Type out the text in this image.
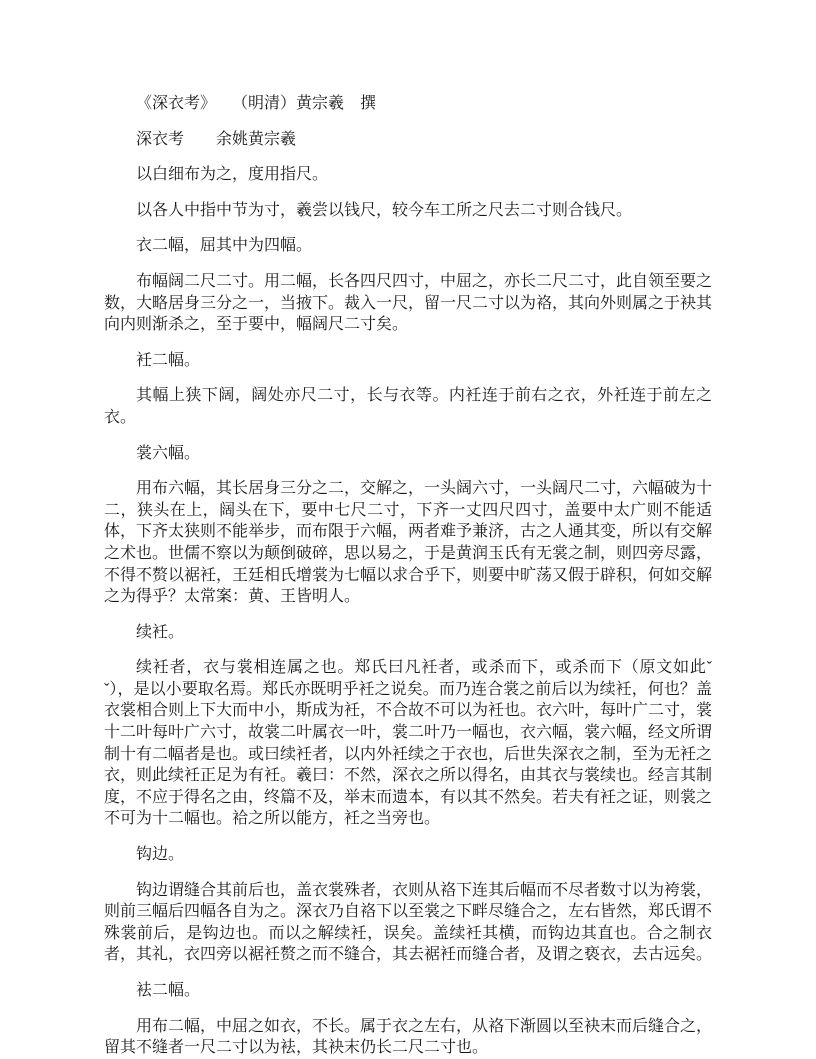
《深衣考》　　（明清）黄宗羲　撰

深衣考　　余姚黄宗羲

以白细布为之，度用指尺。

以各人中指中节为寸，羲尝以钱尺，较今车工所之尺去二寸则合钱尺。

衣二幅，屈其中为四幅。

布幅阔二尺二寸。用二幅，长各四尺四寸，中屈之，亦长二尺二寸，此自领至要之数，大略居身三分之一，当掖下。裁入一尺，留一尺二寸以为袼，其向外则属之于袂其向内则渐杀之，至于要中，幅阔尺二寸矣。

衽二幅。

其幅上狭下阔，阔处亦尺二寸，长与衣等。内衽连于前右之衣，外衽连于前左之衣。

裳六幅。

用布六幅，其长居身三分之二，交解之，一头阔六寸，一头阔尺二寸，六幅破为十二，狭头在上，阔头在下，要中七尺二寸，下齐一丈四尺四寸，盖要中太广则不能适体，下齐太狭则不能举步，而布限于六幅，两者难予兼济，古之人通其变，所以有交解之术也。世儒不察以为颠倒破碎，思以易之，于是黄润玉氏有无裳之制，则四旁尽露，不得不赘以裾衽，王廷相氏增裳为七幅以求合乎下，则要中旷荡又假于辟积，何如交解之为得乎？太常案：黄、王皆明人。

续衽。

续衽者，衣与裳相连属之也。郑氏曰凡衽者，或杀而下，或杀而下（原文如此ˇˇ），是以小要取名焉。郑氏亦既明乎衽之说矣。而乃连合裳之前后以为续衽，何也？盖衣裳相合则上下大而中小，斯成为衽，不合故不可以为衽也。衣六叶，每叶广二寸，裳十二叶每叶广六寸，故裳二叶属衣一叶，裳二叶乃一幅也，衣六幅，裳六幅，经文所谓制十有二幅者是也。或曰续衽者，以内外衽续之于衣也，后世失深衣之制，至为无衽之衣，则此续衽正足为有衽。羲曰：不然，深衣之所以得名，由其衣与裳续也。经言其制度，不应于得名之由，终篇不及，举末而遗本，有以其不然矣。若夫有衽之证，则裳之不可为十二幅也。袷之所以能方，衽之当旁也。

钩边。

钩边谓缝合其前后也，盖衣裳殊者，衣则从袼下连其后幅而不尽者数寸以为袴裳，则前三幅后四幅各自为之。深衣乃自袼下以至裳之下畔尽缝合之，左右皆然，郑氏谓不殊裳前后，是钩边也。而以之解续衽，误矣。盖续衽其横，而钩边其直也。合之制衣者，其礼，衣四旁以裾衽赘之而不缝合，其去裾衽而缝合者，及谓之亵衣，去古远矣。

袪二幅。

用布二幅，中屈之如衣，不长。属于衣之左右，从袼下渐圆以至袂末而后缝合之，留其不缝者一尺二寸以为袪，其袂末仍长二尺二寸也。
